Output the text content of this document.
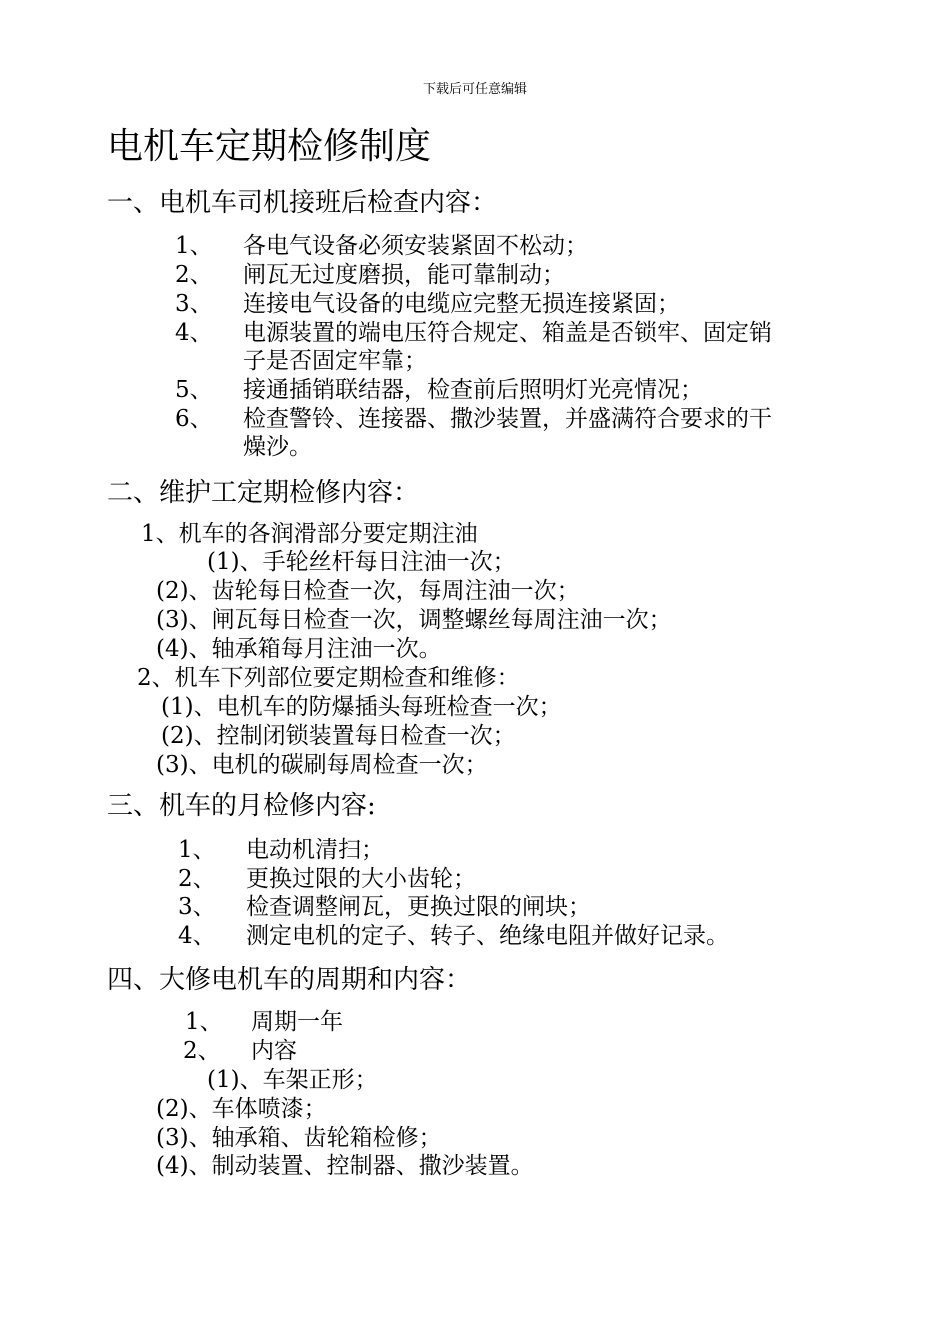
下载后可任意编辑
电机车定期检修制度
一、电机车司机接班后检查内容：
1、 各电气设备必须安装紧固不松动；
2、 闸瓦无过度磨损，能可靠制动；
3、 连接电气设备的电缆应完整无损连接紧固；
4、 电源装置的端电压符合规定、箱盖是否锁牢、固定销
子是否固定牢靠；
5、 接通插销联结器，检查前后照明灯光亮情况；
6、 检查警铃、连接器、撒沙装置，并盛满符合要求的干
燥沙。
二、维护工定期检修内容：
1、机车的各润滑部分要定期注油
(1)、手轮丝杆每日注油一次；
(2)、齿轮每日检查一次，每周注油一次；
(3)、闸瓦每日检查一次，调整螺丝每周注油一次；
(4)、轴承箱每月注油一次。
2、机车下列部位要定期检查和维修：
(1)、电机车的防爆插头每班检查一次；
(2)、控制闭锁装置每日检查一次；
(3)、电机的碳刷每周检查一次；
三、机车的月检修内容:
1、 电动机清扫；
2、 更换过限的大小齿轮；
3、 检查调整闸瓦，更换过限的闸块；
4、 测定电机的定子、转子、绝缘电阻并做好记录。
四、大修电机车的周期和内容：
1、 周期一年
2、 内容
(1)、车架正形；
(2)、车体喷漆；
(3)、轴承箱、齿轮箱检修；
(4)、制动装置、控制器、撒沙装置。
